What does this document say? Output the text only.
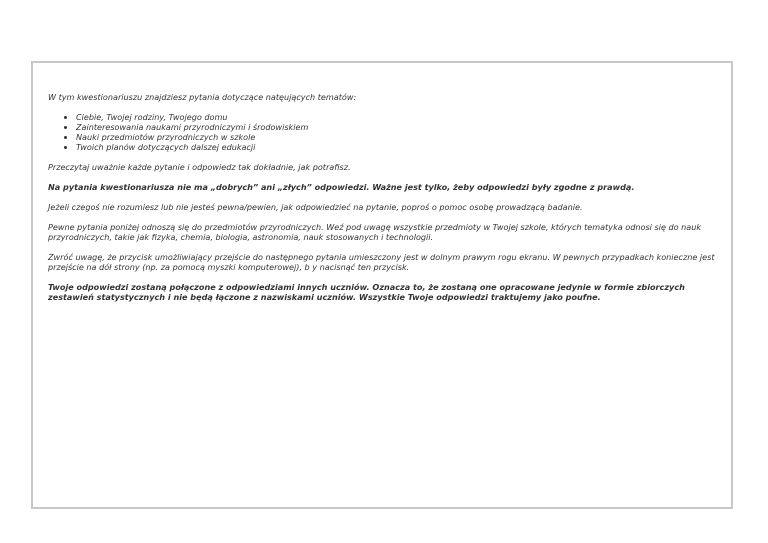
W tym kwestionariuszu znajdziesz pytania dotyczące natęujących tematów:

• Ciebie, Twojej rodziny, Twojego domu
• Zainteresowania naukami przyrodniczymi i środowiskiem
• Nauki przedmiotów przyrodniczych w szkole
• Twoich planów dotyczących dalszej edukacji

Przeczytaj uważnie każde pytanie i odpowiedz tak dokładnie, jak potrafisz.

Na pytania kwestionariusza nie ma „dobrych” ani „złych” odpowiedzi. Ważne jest tylko, żeby odpowiedzi były zgodne z prawdą.

Jeżeli czegoś nie rozumiesz lub nie jesteś pewna/pewien, jak odpowiedzieć na pytanie, poproś o pomoc osobę prowadzącą badanie.

Pewne pytania poniżej odnoszą się do przedmiotów przyrodniczych. Weź pod uwagę wszystkie przedmioty w Twojej szkole, których tematyka odnosi się do nauk przyrodniczych, takie jak fizyka, chemia, biologia, astronomia, nauk stosowanych i technologii.

Zwróć uwagę, że przycisk umożliwiający przejście do następnego pytania umieszczony jest w dolnym prawym rogu ekranu. W pewnych przypadkach konieczne jest przejście na dół strony (np. za pomocą myszki komputerowej), b y nacisnąć ten przycisk.

Twoje odpowiedzi zostaną połączone z odpowiedziami innych uczniów. Oznacza to, że zostaną one opracowane jedynie w formie zbiorczych zestawień statystycznych i nie będą łączone z nazwiskami uczniów. Wszystkie Twoje odpowiedzi traktujemy jako poufne.
